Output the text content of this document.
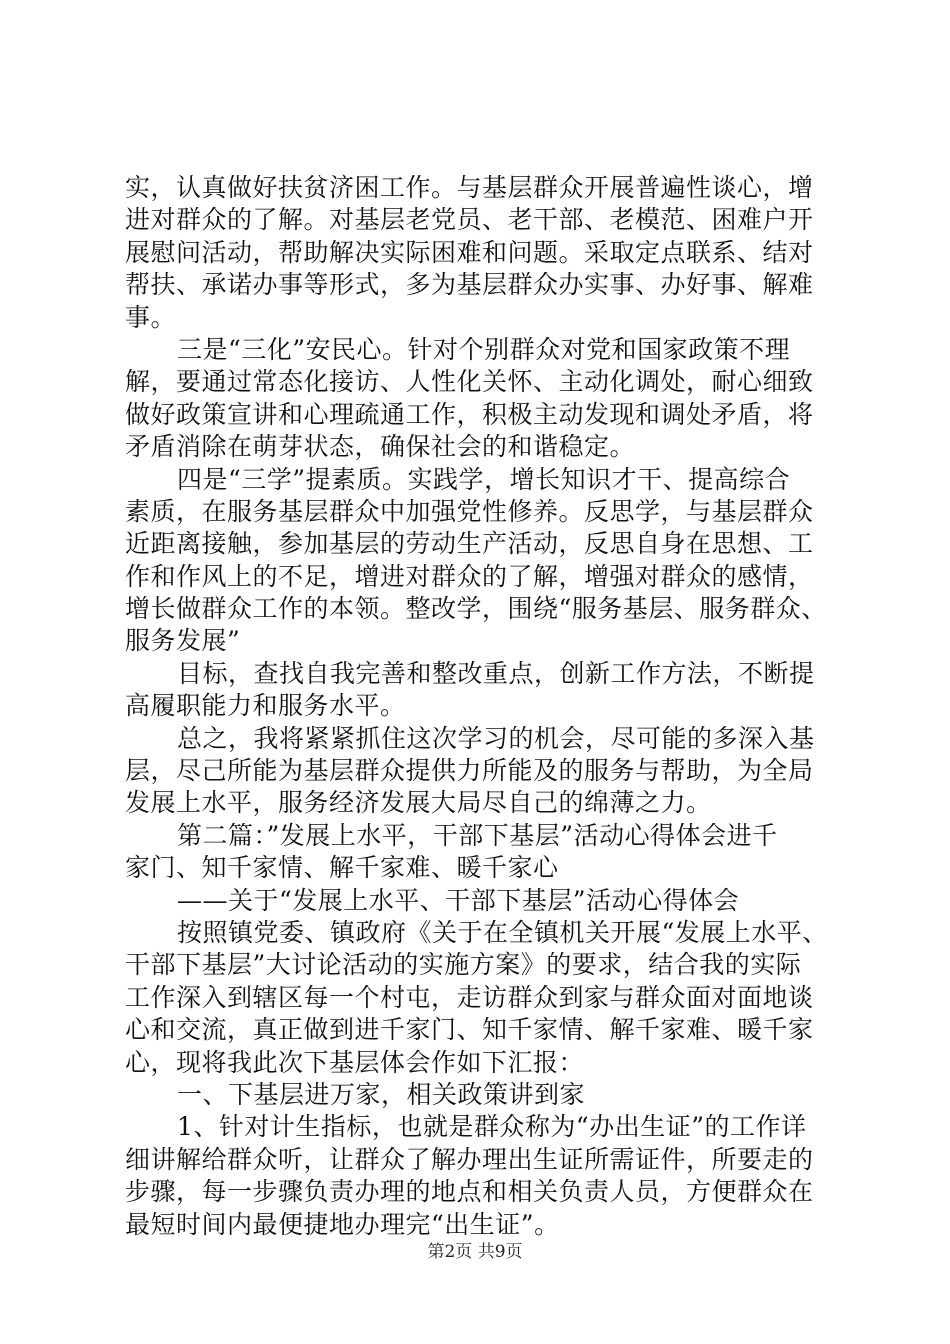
实，认真做好扶贫济困工作。与基层群众开展普遍性谈心，增
进对群众的了解。对基层老党员、老干部、老模范、困难户开
展慰问活动，帮助解决实际困难和问题。采取定点联系、结对
帮扶、承诺办事等形式，多为基层群众办实事、办好事、解难
事。
三是“三化”安民心。针对个别群众对党和国家政策不理
解，要通过常态化接访、人性化关怀、主动化调处，耐心细致
做好政策宣讲和心理疏通工作，积极主动发现和调处矛盾，将
矛盾消除在萌芽状态，确保社会的和谐稳定。
四是“三学”提素质。实践学，增长知识才干、提高综合
素质，在服务基层群众中加强党性修养。反思学，与基层群众
近距离接触，参加基层的劳动生产活动，反思自身在思想、工
作和作风上的不足，增进对群众的了解，增强对群众的感情，
增长做群众工作的本领。整改学，围绕“服务基层、服务群众、
服务发展”
目标，查找自我完善和整改重点，创新工作方法，不断提
高履职能力和服务水平。
总之，我将紧紧抓住这次学习的机会，尽可能的多深入基
层，尽己所能为基层群众提供力所能及的服务与帮助，为全局
发展上水平，服务经济发展大局尽自己的绵薄之力。
第二篇：”发展上水平，干部下基层”活动心得体会进千
家门、知千家情、解千家难、暖千家心
——关于“发展上水平、干部下基层”活动心得体会
按照镇党委、镇政府《关于在全镇机关开展“发展上水平、
干部下基层”大讨论活动的实施方案》的要求，结合我的实际
工作深入到辖区每一个村屯，走访群众到家与群众面对面地谈
心和交流，真正做到进千家门、知千家情、解千家难、暖千家
心，现将我此次下基层体会作如下汇报：
一、下基层进万家，相关政策讲到家
1、针对计生指标，也就是群众称为“办出生证”的工作详
细讲解给群众听，让群众了解办理出生证所需证件，所要走的
步骤，每一步骤负责办理的地点和相关负责人员，方便群众在
最短时间内最便捷地办理完“出生证”。
第2页 共9页
